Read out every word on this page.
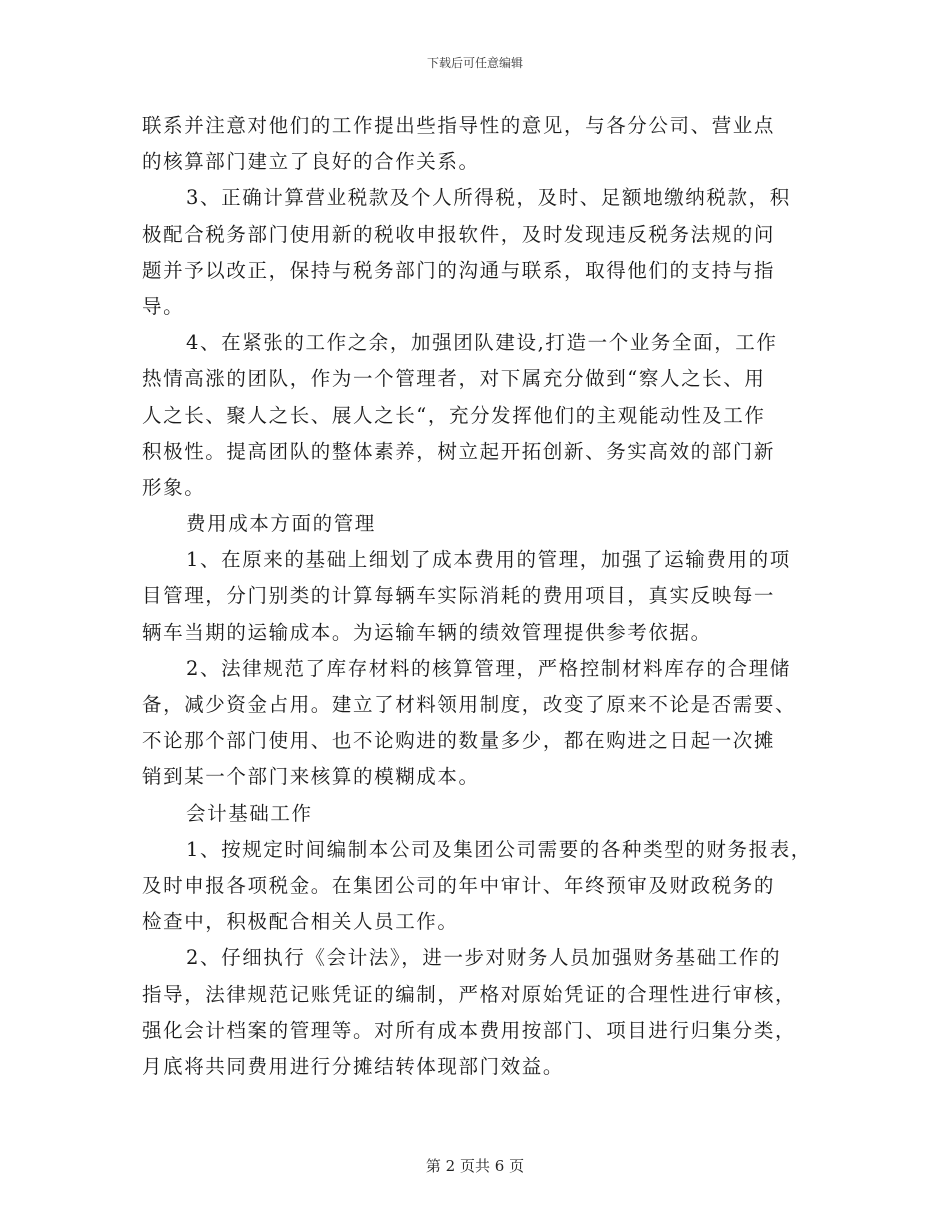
下载后可任意编辑
联系并注意对他们的工作提出些指导性的意见，与各分公司、营业点
的核算部门建立了良好的合作关系。
3、正确计算营业税款及个人所得税，及时、足额地缴纳税款，积
极配合税务部门使用新的税收申报软件，及时发现违反税务法规的问
题并予以改正，保持与税务部门的沟通与联系，取得他们的支持与指
导。
4、在紧张的工作之余，加强团队建设,打造一个业务全面，工作
热情高涨的团队，作为一个管理者，对下属充分做到“察人之长、用
人之长、聚人之长、展人之长“，充分发挥他们的主观能动性及工作
积极性。提高团队的整体素养，树立起开拓创新、务实高效的部门新
形象。
费用成本方面的管理
1、在原来的基础上细划了成本费用的管理，加强了运输费用的项
目管理，分门别类的计算每辆车实际消耗的费用项目，真实反映每一
辆车当期的运输成本。为运输车辆的绩效管理提供参考依据。
2、法律规范了库存材料的核算管理，严格控制材料库存的合理储
备，减少资金占用。建立了材料领用制度，改变了原来不论是否需要、
不论那个部门使用、也不论购进的数量多少，都在购进之日起一次摊
销到某一个部门来核算的模糊成本。
会计基础工作
1、按规定时间编制本公司及集团公司需要的各种类型的财务报表，
及时申报各项税金。在集团公司的年中审计、年终预审及财政税务的
检查中，积极配合相关人员工作。
2、仔细执行《会计法》，进一步对财务人员加强财务基础工作的
指导，法律规范记账凭证的编制，严格对原始凭证的合理性进行审核，
强化会计档案的管理等。对所有成本费用按部门、项目进行归集分类，
月底将共同费用进行分摊结转体现部门效益。
第 2 页共 6 页
